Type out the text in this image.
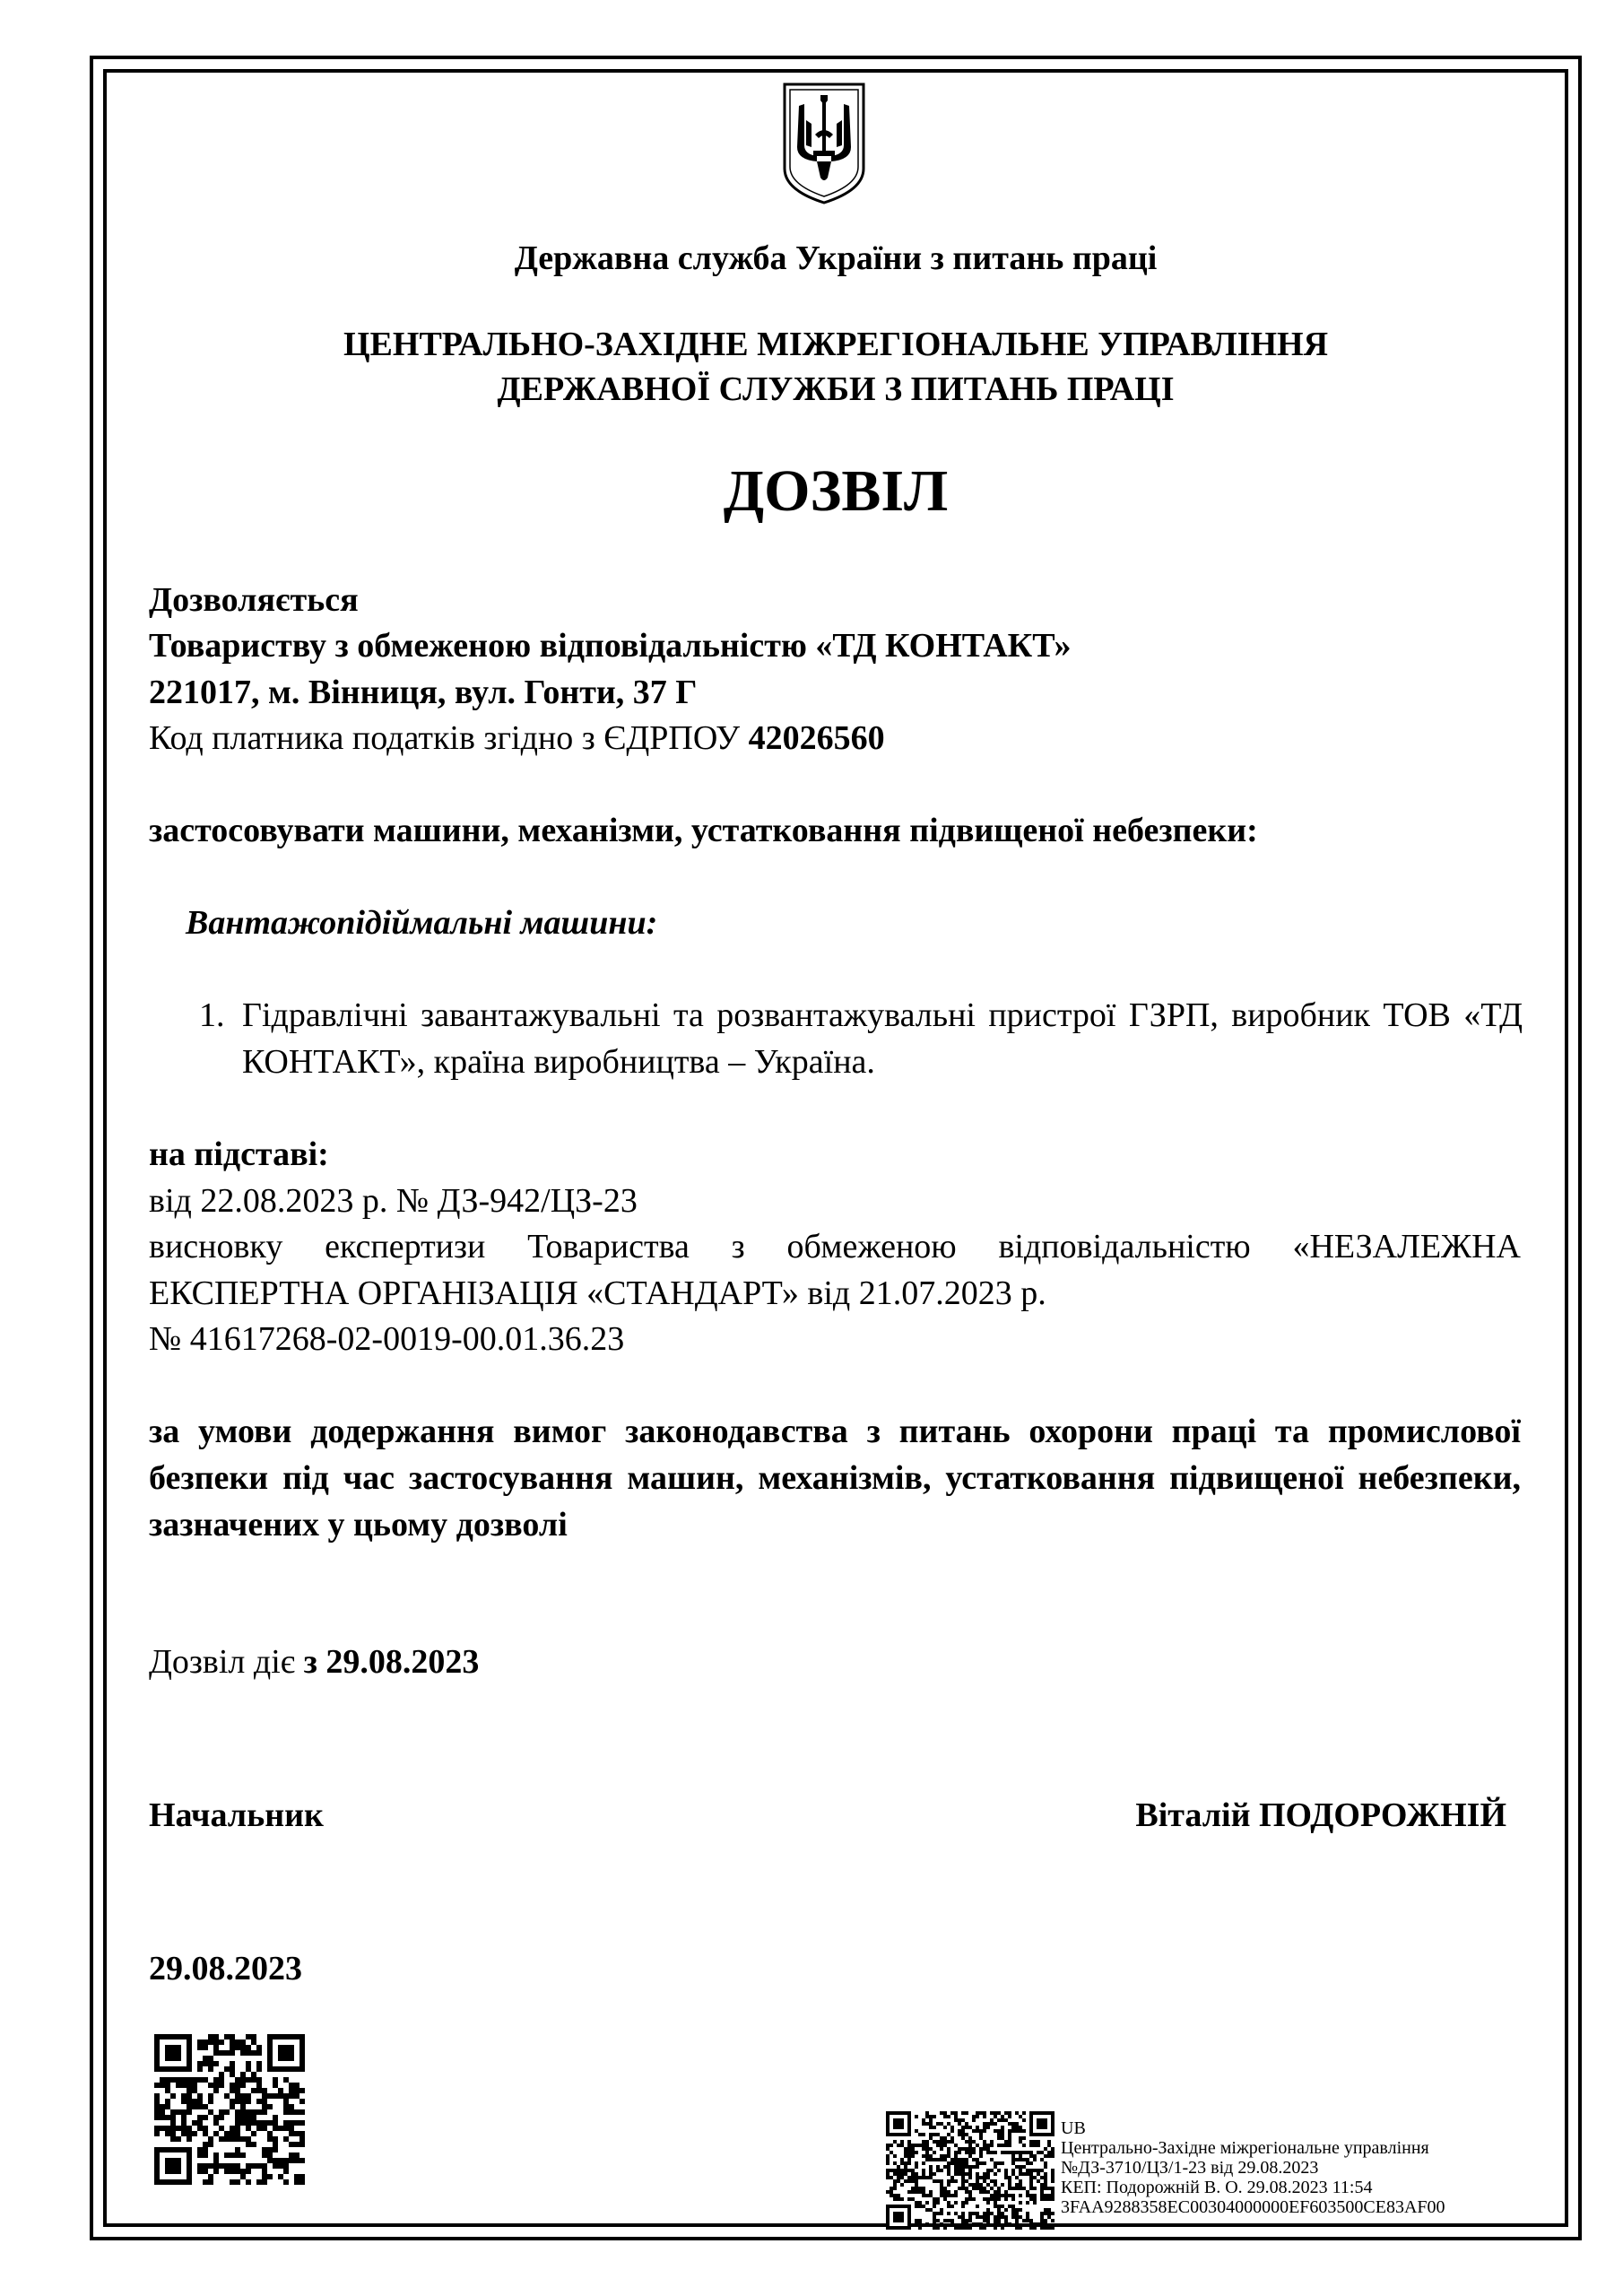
Державна служба України з питань праці
ЦЕНТРАЛЬНО-ЗАХІДНЕ МІЖРЕГІОНАЛЬНЕ УПРАВЛІННЯ
ДЕРЖАВНОЇ СЛУЖБИ З ПИТАНЬ ПРАЦІ
ДОЗВІЛ
Дозволяється
Товариству з обмеженою відповідальністю «ТД КОНТАКТ»
221017, м. Вінниця, вул. Гонти, 37 Г
Код платника податків згідно з ЄДРПОУ 42026560
застосовувати машини, механізми, устатковання підвищеної небезпеки:
Вантажопідіймальні машини:
1. Гідравлічні завантажувальні та розвантажувальні пристрої ГЗРП, виробник ТОВ «ТД КОНТАКТ», країна виробництва – Україна.
на підставі:
від 22.08.2023 р. № ДЗ-942/ЦЗ-23
висновку експертизи Товариства з обмеженою відповідальністю «НЕЗАЛЕЖНА ЕКСПЕРТНА ОРГАНІЗАЦІЯ «СТАНДАРТ» від 21.07.2023 р.
№ 41617268-02-0019-00.01.36.23
за умови додержання вимог законодавства з питань охорони праці та промислової безпеки під час застосування машин, механізмів, устатковання підвищеної небезпеки, зазначених у цьому дозволі
Дозвіл діє з 29.08.2023
Начальник	Віталій ПОДОРОЖНІЙ
29.08.2023
UB
Центрально-Західне міжрегіональне управління
№ДЗ-3710/ЦЗ/1-23 від 29.08.2023
КЕП: Подорожній В. О. 29.08.2023 11:54
3FAA9288358EC00304000000EF603500CE83AF00
